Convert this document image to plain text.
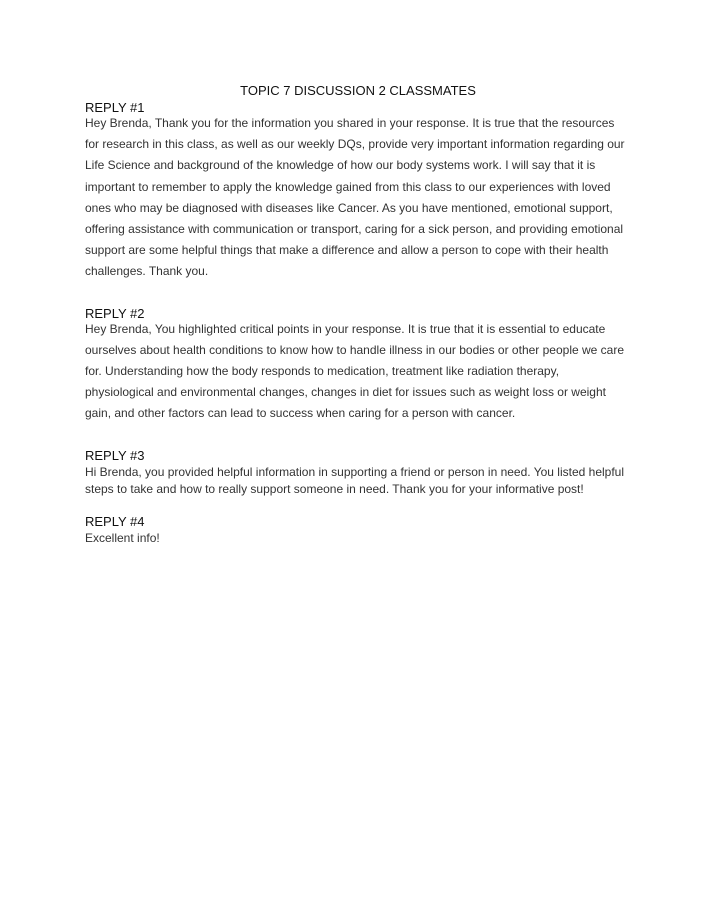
TOPIC 7 DISCUSSION 2 CLASSMATES

REPLY #1

Hey Brenda, Thank you for the information you shared in your response. It is true that the resources for research in this class, as well as our weekly DQs, provide very important information regarding our Life Science and background of the knowledge of how our body systems work. I will say that it is important to remember to apply the knowledge gained from this class to our experiences with loved ones who may be diagnosed with diseases like Cancer. As you have mentioned, emotional support, offering assistance with communication or transport, caring for a sick person, and providing emotional support are some helpful things that make a difference and allow a person to cope with their health challenges. Thank you.

REPLY #2

Hey Brenda, You highlighted critical points in your response. It is true that it is essential to educate ourselves about health conditions to know how to handle illness in our bodies or other people we care for. Understanding how the body responds to medication, treatment like radiation therapy, physiological and environmental changes, changes in diet for issues such as weight loss or weight gain, and other factors can lead to success when caring for a person with cancer.

REPLY #3

Hi Brenda, you provided helpful information in supporting a friend or person in need. You listed helpful steps to take and how to really support someone in need. Thank you for your informative post!

REPLY #4

Excellent info!
